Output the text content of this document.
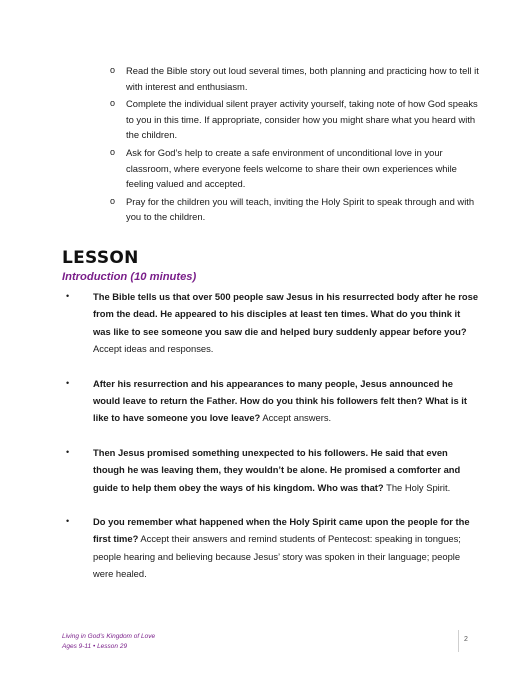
o Read the Bible story out loud several times, both planning and practicing how to tell it with interest and enthusiasm.
o Complete the individual silent prayer activity yourself, taking note of how God speaks to you in this time. If appropriate, consider how you might share what you heard with the children.
o Ask for God’s help to create a safe environment of unconditional love in your classroom, where everyone feels welcome to share their own experiences while feeling valued and accepted.
o Pray for the children you will teach, inviting the Holy Spirit to speak through and with you to the children.
LESSON
Introduction (10 minutes)
•	The Bible tells us that over 500 people saw Jesus in his resurrected body after he rose from the dead. He appeared to his disciples at least ten times. What do you think it was like to see someone you saw die and helped bury suddenly appear before you? Accept ideas and responses.
•	After his resurrection and his appearances to many people, Jesus announced he would leave to return the Father. How do you think his followers felt then? What is it like to have someone you love leave? Accept answers.
•	Then Jesus promised something unexpected to his followers. He said that even though he was leaving them, they wouldn’t be alone. He promised a comforter and guide to help them obey the ways of his kingdom. Who was that? The Holy Spirit.
•	Do you remember what happened when the Holy Spirit came upon the people for the first time? Accept their answers and remind students of Pentecost: speaking in tongues; people hearing and believing because Jesus’ story was spoken in their language; people were healed.
Living in God’s Kingdom of Love
Ages 9-11 • Lesson 29
2
